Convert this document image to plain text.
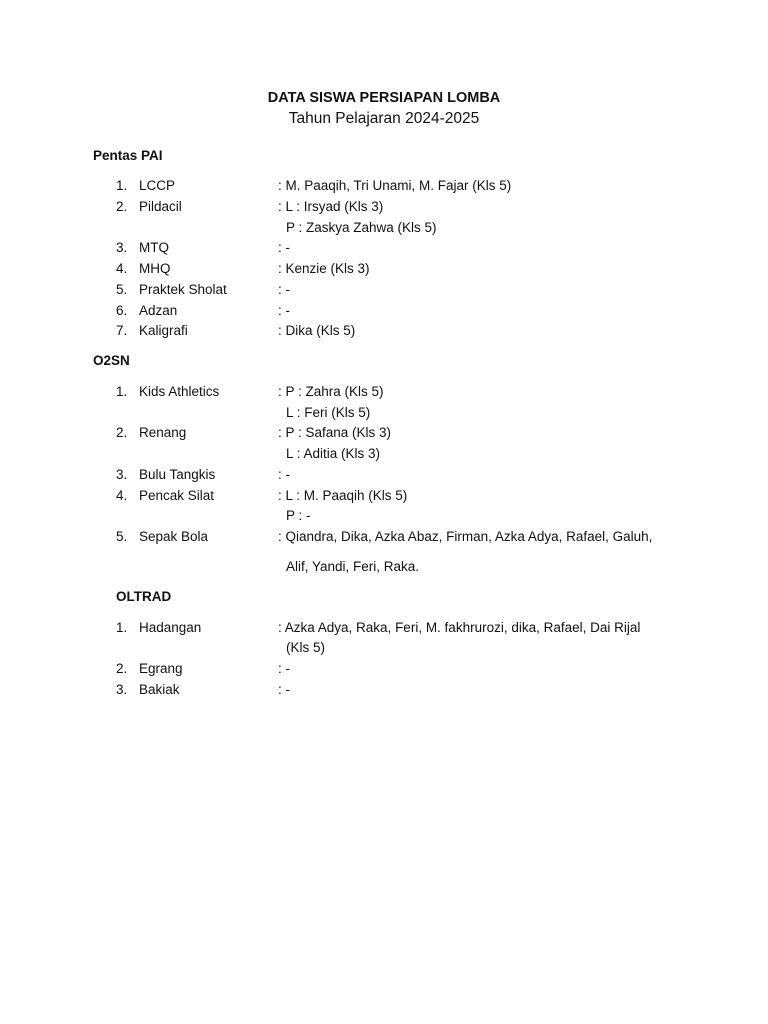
DATA SISWA PERSIAPAN LOMBA
Tahun Pelajaran 2024-2025
Pentas PAI
1. LCCP	: M. Paaqih, Tri Unami, M. Fajar (Kls 5)
2. Pildacil	: L : Irsyad (Kls 3)
P : Zaskya Zahwa (Kls 5)
3. MTQ	: -
4. MHQ	: Kenzie (Kls 3)
5. Praktek Sholat	: -
6. Adzan	: -
7. Kaligrafi	: Dika (Kls 5)
O2SN
1. Kids Athletics	: P : Zahra (Kls 5)
L : Feri (Kls 5)
2. Renang	: P : Safana (Kls 3)
L : Aditia (Kls 3)
3. Bulu Tangkis	: -
4. Pencak Silat	: L : M. Paaqih (Kls 5)
P : -
5. Sepak Bola	: Qiandra, Dika, Azka Abaz, Firman, Azka Adya, Rafael, Galuh,
Alif, Yandi, Feri, Raka.
OLTRAD
1. Hadangan	: Azka Adya, Raka, Feri, M. fakhrurozi, dika, Rafael, Dai Rijal
(Kls 5)
2. Egrang	: -
3. Bakiak	: -
